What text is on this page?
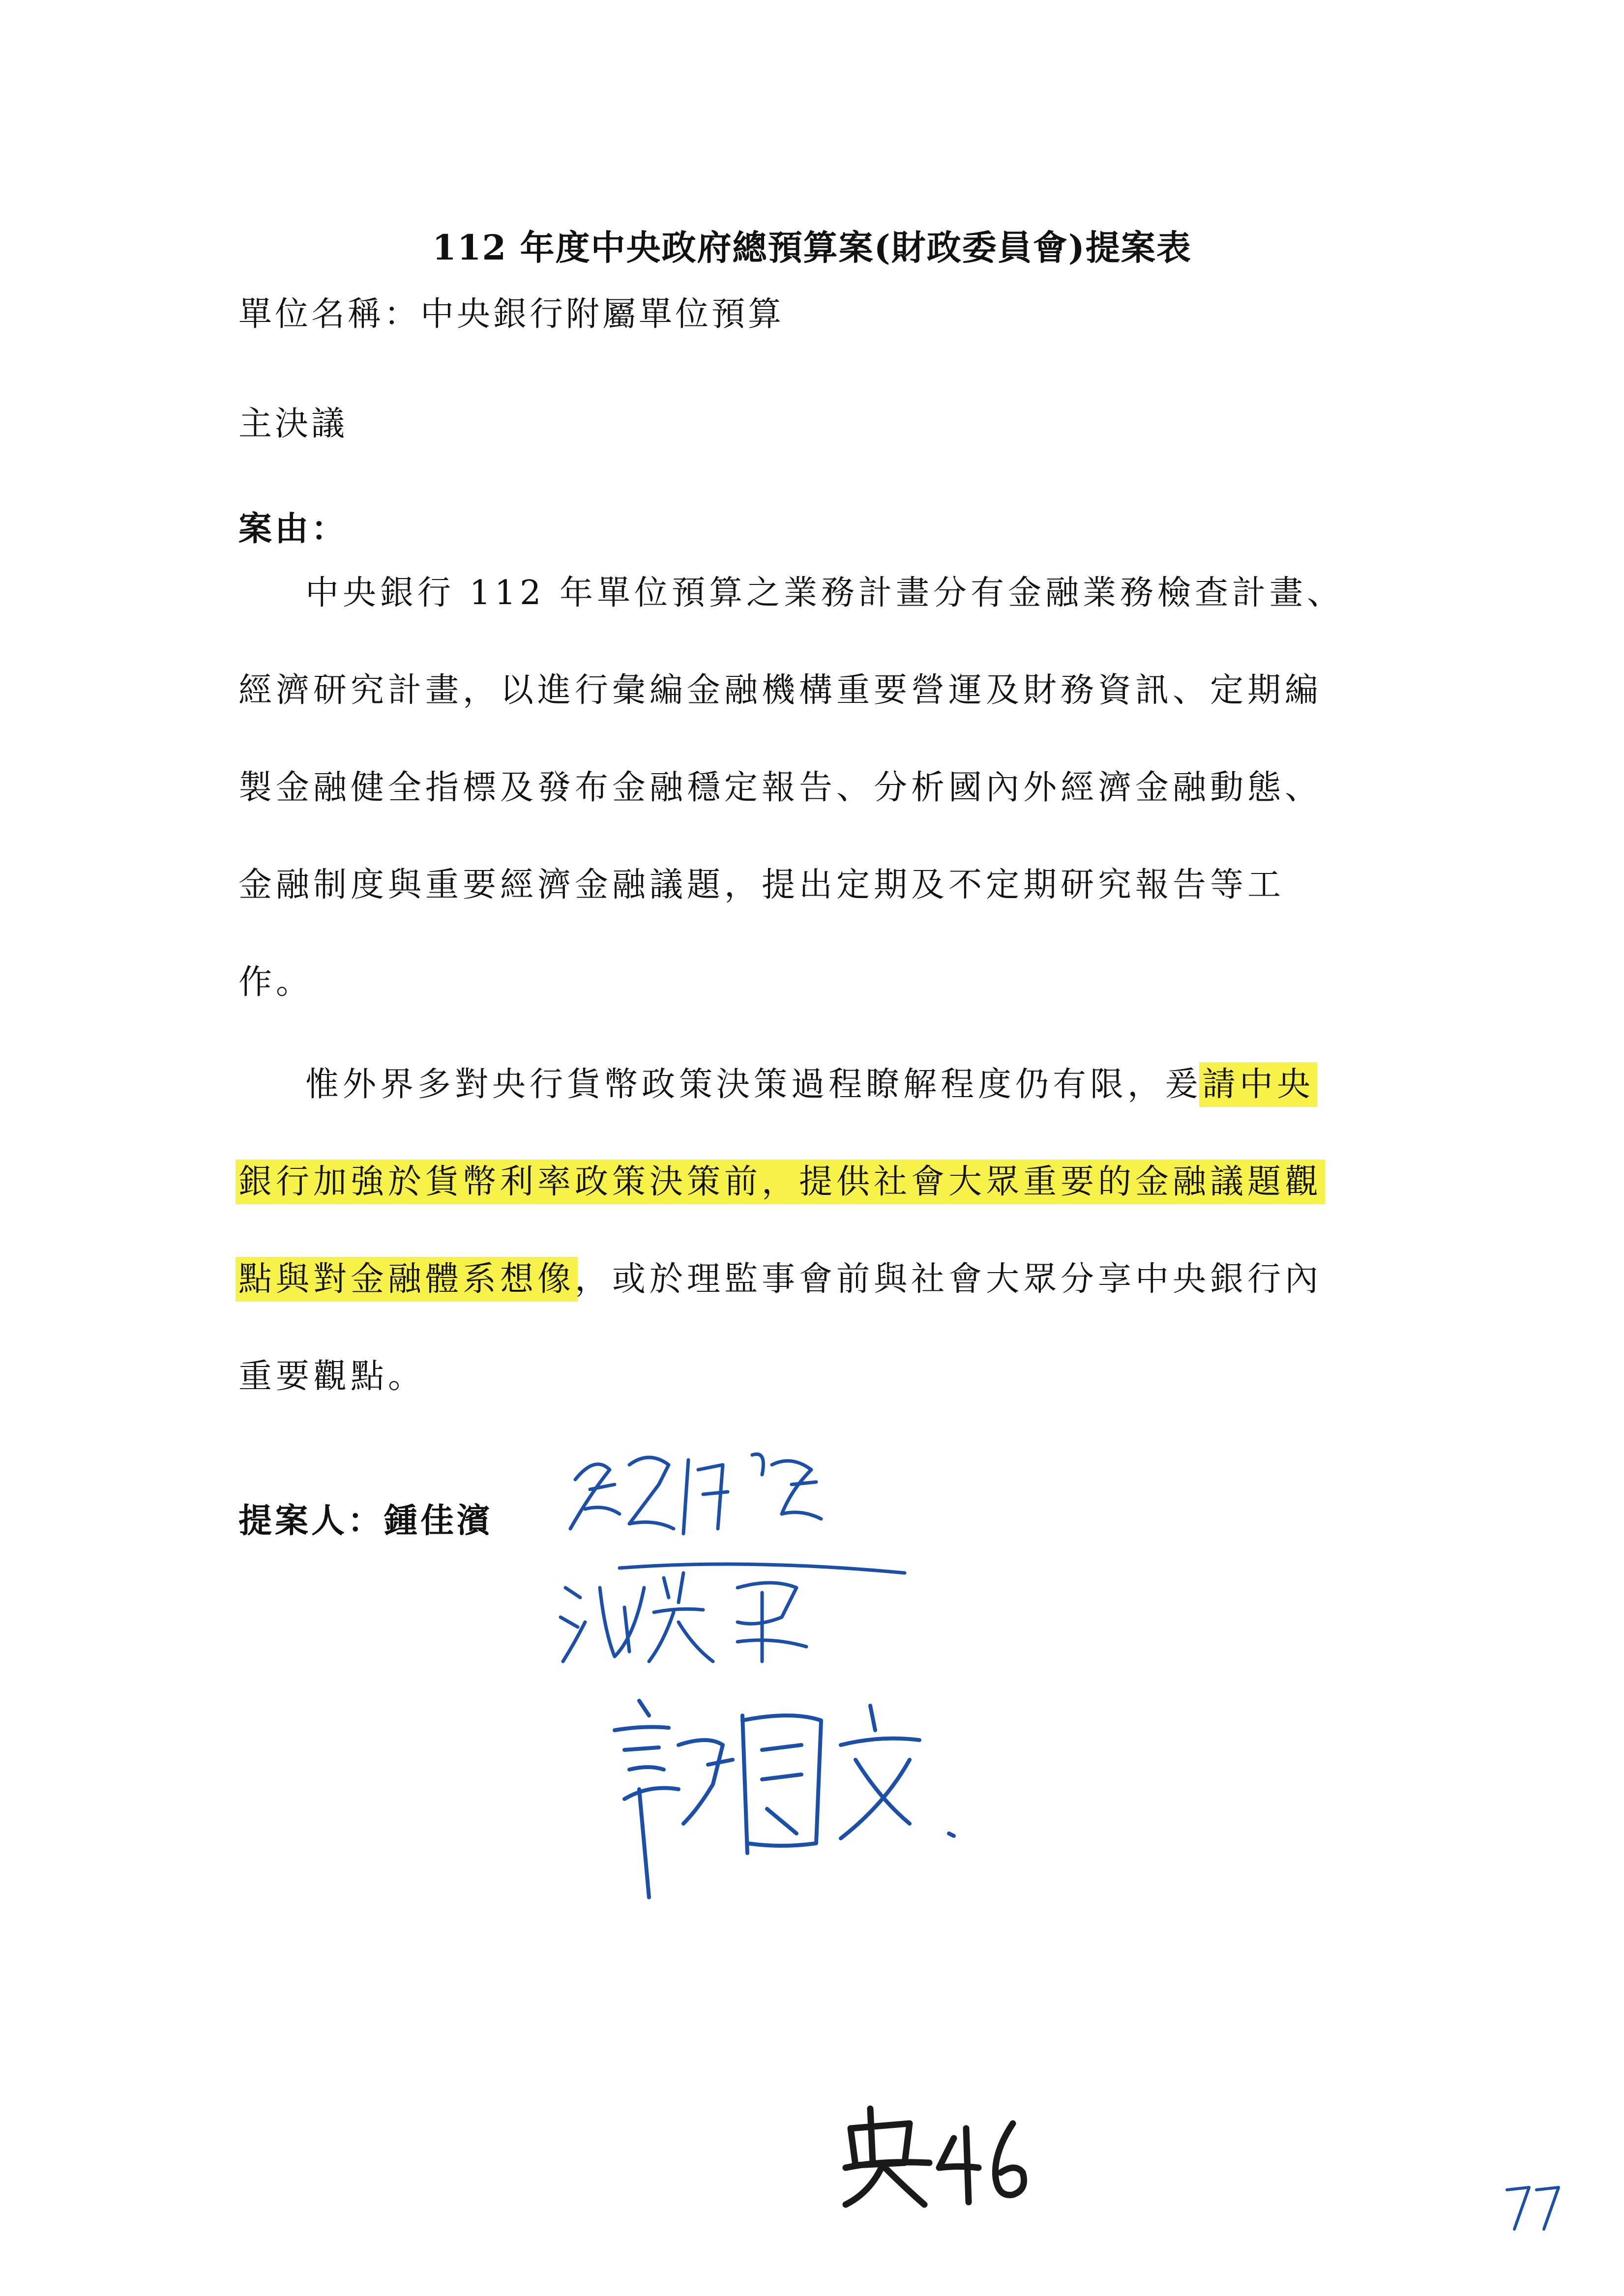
112 年度中央政府總預算案(財政委員會)提案表
單位名稱：中央銀行附屬單位預算
主決議
案由：
中央銀行 112 年單位預算之業務計畫分有金融業務檢查計畫、
經濟研究計畫，以進行彙編金融機構重要營運及財務資訊、定期編
製金融健全指標及發布金融穩定報告、分析國內外經濟金融動態、
金融制度與重要經濟金融議題，提出定期及不定期研究報告等工
作。
惟外界多對央行貨幣政策決策過程瞭解程度仍有限，爰請中央
銀行加強於貨幣利率政策決策前，提供社會大眾重要的金融議題觀
點與對金融體系想像，或於理監事會前與社會大眾分享中央銀行內
重要觀點。
提案人：鍾佳濱
